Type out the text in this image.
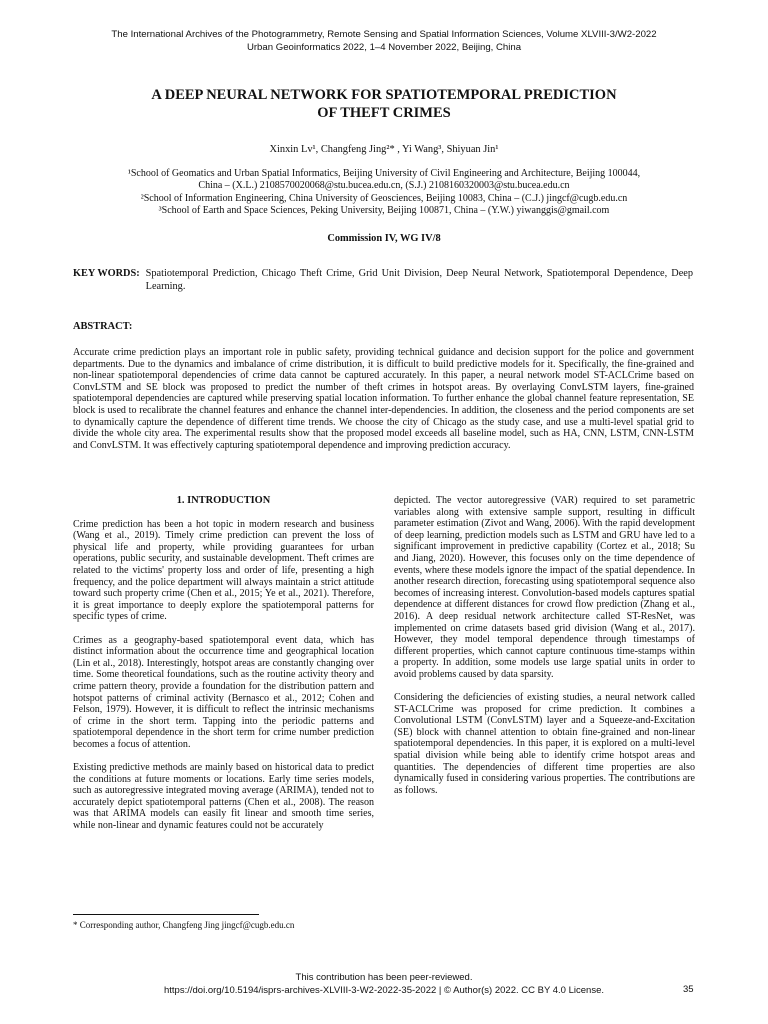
The International Archives of the Photogrammetry, Remote Sensing and Spatial Information Sciences, Volume XLVIII-3/W2-2022
Urban Geoinformatics 2022, 1–4 November 2022, Beijing, China
A DEEP NEURAL NETWORK FOR SPATIOTEMPORAL PREDICTION
OF THEFT CRIMES
Xinxin Lv¹, Changfeng Jing²* , Yi Wang³, Shiyuan Jin¹
¹School of Geomatics and Urban Spatial Informatics, Beijing University of Civil Engineering and Architecture, Beijing 100044,
China – (X.L.) 2108570020068@stu.bucea.edu.cn, (S.J.) 2108160320003@stu.bucea.edu.cn
²School of Information Engineering, China University of Geosciences, Beijing 10083, China – (C.J.) jingcf@cugb.edu.cn
³School of Earth and Space Sciences, Peking University, Beijing 100871, China – (Y.W.) yiwanggis@gmail.com
Commission IV, WG IV/8
KEY WORDS: Spatiotemporal Prediction, Chicago Theft Crime, Grid Unit Division, Deep Neural Network, Spatiotemporal Dependence, Deep Learning.
ABSTRACT:
Accurate crime prediction plays an important role in public safety, providing technical guidance and decision support for the police and government departments. Due to the dynamics and imbalance of crime distribution, it is difficult to build predictive models for it. Specifically, the fine-grained and non-linear spatiotemporal dependencies of crime data cannot be captured accurately. In this paper, a neural network model ST-ACLCrime based on ConvLSTM and SE block was proposed to predict the number of theft crimes in hotspot areas. By overlaying ConvLSTM layers, fine-grained spatiotemporal dependencies are captured while preserving spatial location information. To further enhance the global channel feature representation, SE block is used to recalibrate the channel features and enhance the channel inter-dependencies. In addition, the closeness and the period components are set to dynamically capture the dependence of different time trends. We choose the city of Chicago as the study case, and use a multi-level spatial grid to divide the whole city area. The experimental results show that the proposed model exceeds all baseline model, such as HA, CNN, LSTM, CNN-LSTM and ConvLSTM. It was effectively capturing spatiotemporal dependence and improving prediction accuracy.
1. INTRODUCTION

Crime prediction has been a hot topic in modern research and business (Wang et al., 2019). Timely crime prediction can prevent the loss of physical life and property, while providing guarantees for urban operations, public security, and sustainable development. Theft crimes are related to the victims' property loss and order of life, presenting a high frequency, and the police department will always maintain a strict attitude toward such property crime (Chen et al., 2015; Ye et al., 2021). Therefore, it is great importance to deeply explore the spatiotemporal patterns for specific types of crime.

Crimes as a geography-based spatiotemporal event data, which has distinct information about the occurrence time and geographical location (Lin et al., 2018). Interestingly, hotspot areas are constantly changing over time. Some theoretical foundations, such as the routine activity theory and crime pattern theory, provide a foundation for the distribution pattern and hotspot patterns of criminal activity (Bernasco et al., 2012; Cohen and Felson, 1979). However, it is difficult to reflect the intrinsic mechanisms of crime in the short term. Tapping into the periodic patterns and spatiotemporal dependence in the short term for crime number prediction becomes a focus of attention.

Existing predictive methods are mainly based on historical data to predict the conditions at future moments or locations. Early time series models, such as autoregressive integrated moving average (ARIMA), tended not to accurately depict spatiotemporal patterns (Chen et al., 2008). The reason was that ARIMA models can easily fit linear and smooth time series, while non-linear and dynamic features could not be accurately

depicted. The vector autoregressive (VAR) required to set parametric variables along with extensive sample support, resulting in difficult parameter estimation (Zivot and Wang, 2006). With the rapid development of deep learning, prediction models such as LSTM and GRU have led to a significant improvement in predictive capability (Cortez et al., 2018; Su and Jiang, 2020). However, this focuses only on the time dependence of events, where these models ignore the impact of the spatial dependence. In another research direction, forecasting using spatiotemporal sequence also becomes of increasing interest. Convolution-based models captures spatial dependence at different distances for crowd flow prediction (Zhang et al., 2016). A deep residual network architecture called ST-ResNet, was implemented on crime datasets based grid division (Wang et al., 2017). However, they model temporal dependence through timestamps of different properties, which cannot capture continuous time-stamps within a property. In addition, some models use large spatial units in order to avoid problems caused by data sparsity.

Considering the deficiencies of existing studies, a neural network called ST-ACLCrime was proposed for crime prediction. It combines a Convolutional LSTM (ConvLSTM) layer and a Squeeze-and-Excitation (SE) block with channel attention to obtain fine-grained and non-linear spatiotemporal dependencies. In this paper, it is explored on a multi-level spatial division while being able to identify crime hotspot areas and quantities. The dependencies of different time properties are also dynamically fused in considering various properties. The contributions are as follows.

* Corresponding author, Changfeng Jing jingcf@cugb.edu.cn
This contribution has been peer-reviewed.
https://doi.org/10.5194/isprs-archives-XLVIII-3-W2-2022-35-2022 | © Author(s) 2022. CC BY 4.0 License.	35
